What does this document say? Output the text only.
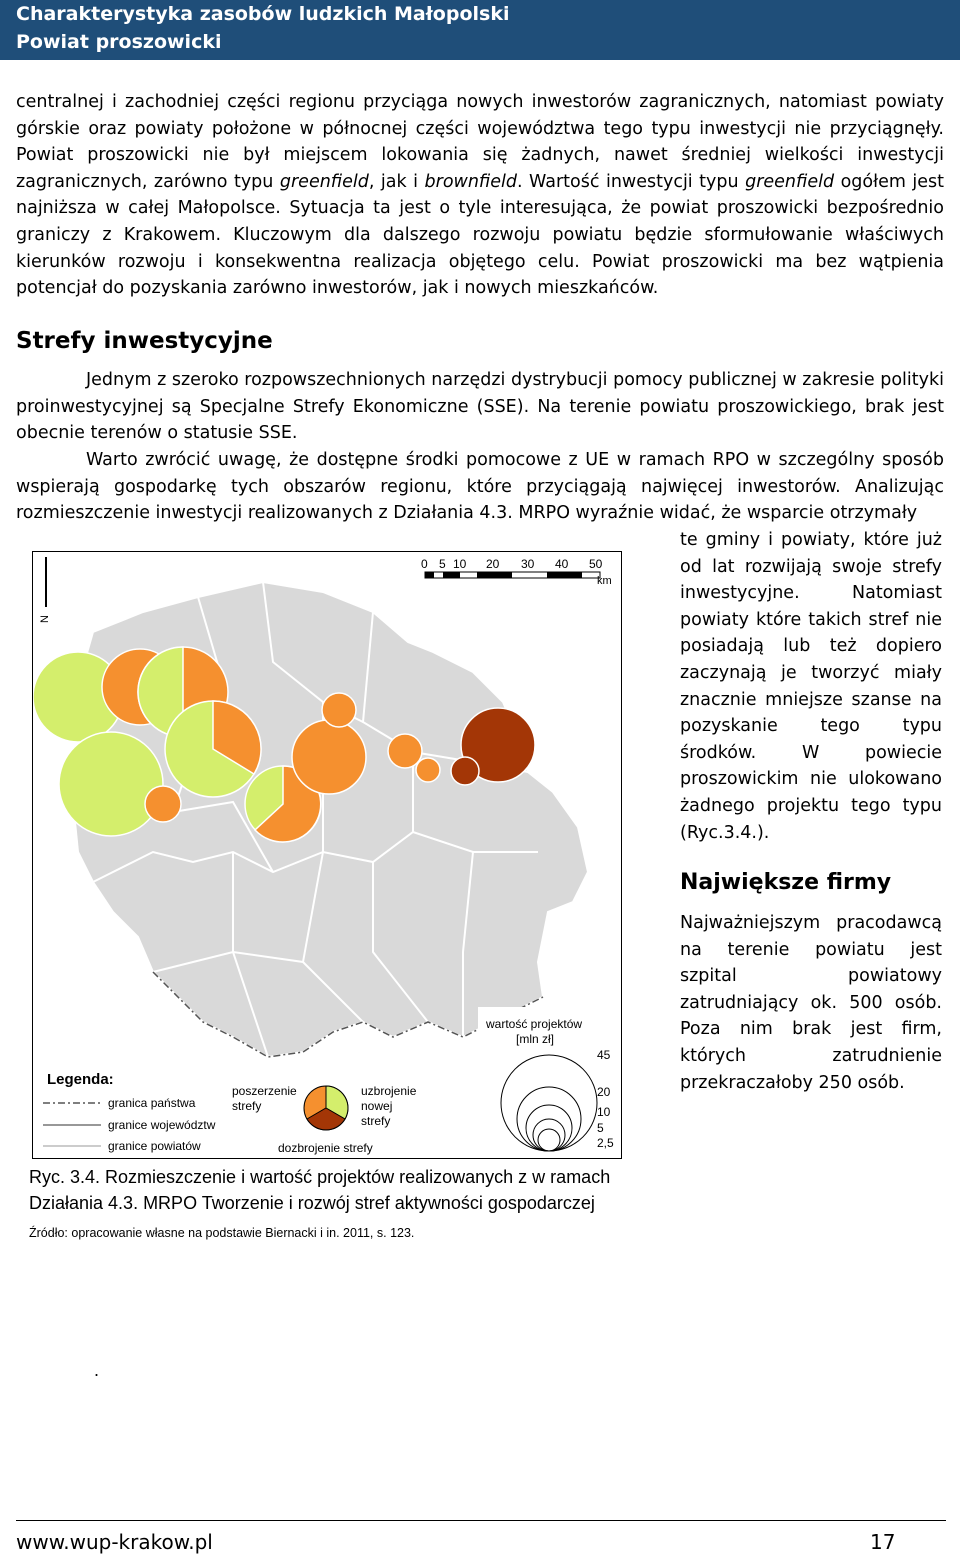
Charakterystyka zasobów ludzkich Małopolski
Powiat proszowicki

centralnej i zachodniej części regionu przyciąga nowych inwestorów zagranicznych, natomiast powiaty górskie oraz powiaty położone w północnej części województwa tego typu inwestycji nie przyciągnęły. Powiat proszowicki nie był miejscem lokowania się żadnych, nawet średniej wielkości inwestycji zagranicznych, zarówno typu greenfield, jak i brownfield. Wartość inwestycji typu greenfield ogółem jest najniższa w całej Małopolsce. Sytuacja ta jest o tyle interesująca, że powiat proszowicki bezpośrednio graniczy z Krakowem. Kluczowym dla dalszego rozwoju powiatu będzie sformułowanie właściwych kierunków rozwoju i konsekwentna realizacja objętego celu. Powiat proszowicki ma bez wątpienia potencjał do pozyskania zarówno inwestorów, jak i nowych mieszkańców.

Strefy inwestycyjne

Jednym z szeroko rozpowszechnionych narzędzi dystrybucji pomocy publicznej w zakresie polityki proinwestycyjnej są Specjalne Strefy Ekonomiczne (SSE). Na terenie powiatu proszowickiego, brak jest obecnie terenów o statusie SSE.

Warto zwrócić uwagę, że dostępne środki pomocowe z UE w ramach RPO w szczególny sposób wspierają gospodarkę tych obszarów regionu, które przyciągają najwięcej inwestorów. Analizując rozmieszczenie inwestycji realizowanych z Działania 4.3. MRPO wyraźnie widać, że wsparcie otrzymały

te gminy i powiaty, które już od lat rozwijają swoje strefy inwestycyjne. Natomiast powiaty które takich stref nie posiadają lub też dopiero zaczynają je tworzyć miały znacznie mniejsze szanse na pozyskanie tego typu środków. W powiecie proszowickim nie ulokowano żadnego projektu tego typu (Ryc.3.4.).

Największe firmy

Najważniejszym pracodawcą na terenie powiatu jest szpital powiatowy zatrudniający ok. 500 osób. Poza nim brak jest firm, których zatrudnienie przekraczałoby 250 osób.

N
0 5 10 20 30 40 50
km
wartość projektów
[mln zł]
45
20
10
5
2,5
Legenda:
granica państwa
granice województw
granice powiatów
poszerzenie
strefy
uzbrojenie
nowej
strefy
dozbrojenie strefy

Ryc. 3.4. Rozmieszczenie i wartość projektów realizowanych z w ramach
Działania 4.3. MRPO Tworzenie i rozwój stref aktywności gospodarczej

Źródło: opracowanie własne na podstawie Biernacki i in. 2011, s. 123.

.
www.wup-krakow.pl	17
